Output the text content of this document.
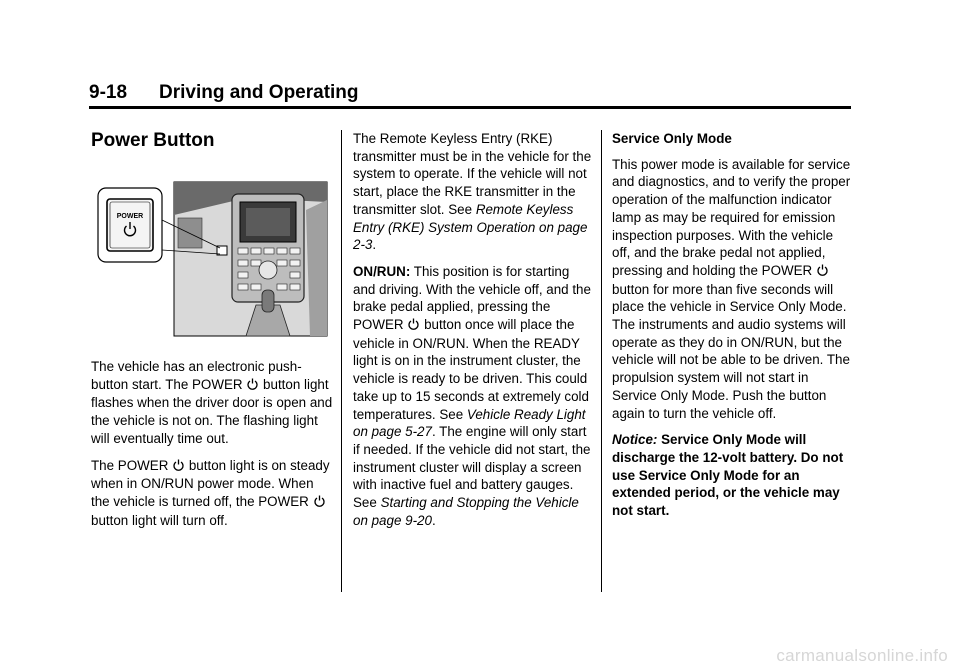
9-18 Driving and Operating
Power Button
POWER

The vehicle has an electronic push-button start. The POWER button light flashes when the driver door is open and the vehicle is not on. The flashing light will eventually time out.

The POWER button light is on steady when in ON/RUN power mode. When the vehicle is turned off, the POWER  button light will turn off.

The Remote Keyless Entry (RKE) transmitter must be in the vehicle for the system to operate. If the vehicle will not start, place the RKE transmitter in the transmitter slot. See Remote Keyless Entry (RKE) System Operation on page 2-3.

ON/RUN: This position is for starting and driving. With the vehicle off, and the brake pedal applied, pressing the POWER button once will place the vehicle in ON/RUN. When the READY light is on in the instrument cluster, the vehicle is ready to be driven. This could take up to 15 seconds at extremely cold temperatures. See Vehicle Ready Light on page 5-27. The engine will only start if needed. If the vehicle did not start, the instrument cluster will display a screen with inactive fuel and battery gauges. See Starting and Stopping the Vehicle on page 9-20.

Service Only Mode

This power mode is available for service and diagnostics, and to verify the proper operation of the malfunction indicator lamp as may be required for emission inspection purposes. With the vehicle off, and the brake pedal not applied, pressing and holding the POWER  button for more than five seconds will place the vehicle in Service Only Mode. The instruments and audio systems will operate as they do in ON/RUN, but the vehicle will not be able to be driven. The propulsion system will not start in Service Only Mode. Push the button again to turn the vehicle off.

Notice: Service Only Mode will discharge the 12-volt battery. Do not use Service Only Mode for an extended period, or the vehicle may not start.

carmanualsonline.info
